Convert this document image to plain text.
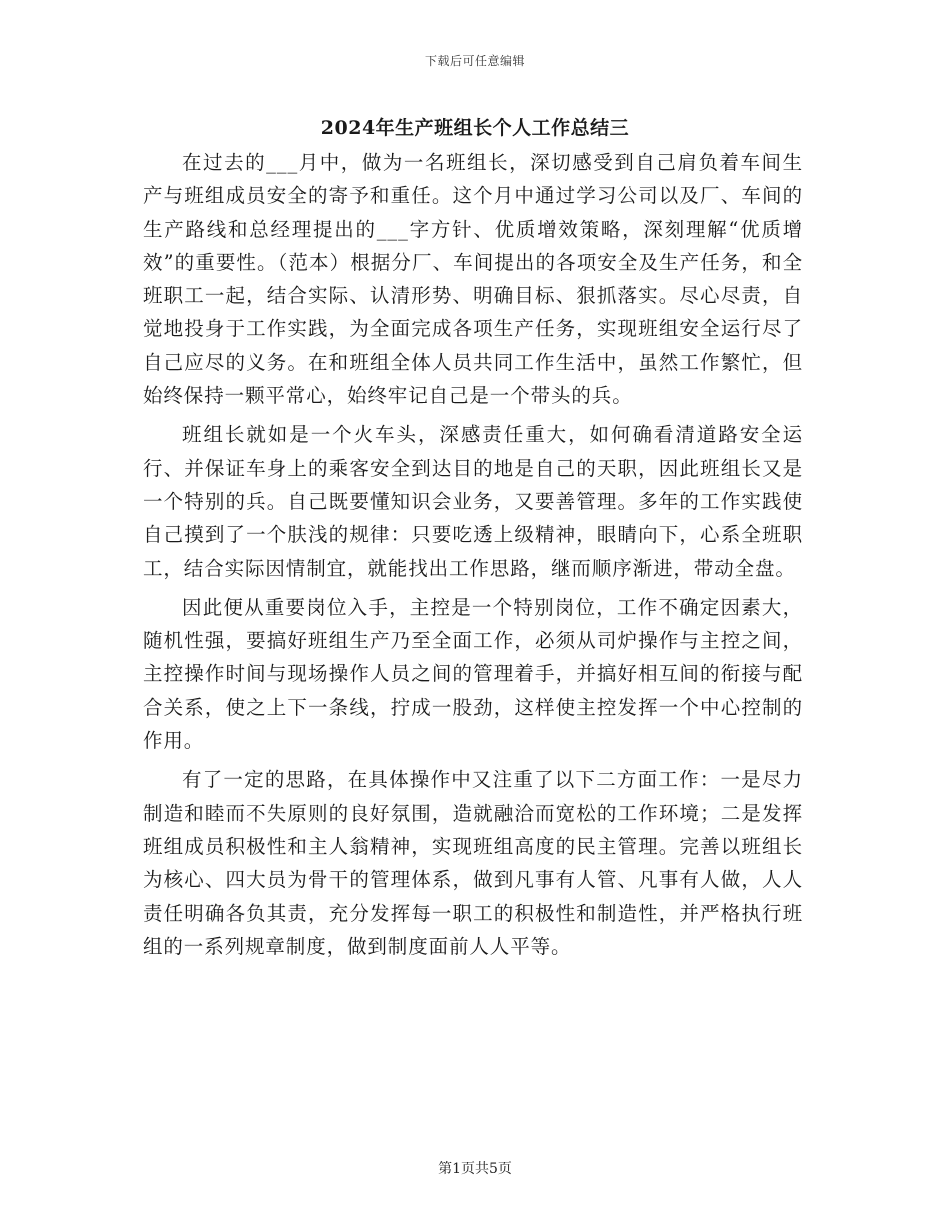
下载后可任意编辑
2024年生产班组长个人工作总结三

在过去的___月中，做为一名班组长，深切感受到自己肩负着车间生产与班组成员安全的寄予和重任。这个月中通过学习公司以及厂、车间的生产路线和总经理提出的___字方针、优质增效策略，深刻理解“优质增效”的重要性。（范本）根据分厂、车间提出的各项安全及生产任务，和全班职工一起，结合实际、认清形势、明确目标、狠抓落实。尽心尽责，自觉地投身于工作实践，为全面完成各项生产任务，实现班组安全运行尽了自己应尽的义务。在和班组全体人员共同工作生活中，虽然工作繁忙，但始终保持一颗平常心，始终牢记自己是一个带头的兵。

班组长就如是一个火车头，深感责任重大，如何确看清道路安全运行、并保证车身上的乘客安全到达目的地是自己的天职，因此班组长又是一个特别的兵。自己既要懂知识会业务，又要善管理。多年的工作实践使自己摸到了一个肤浅的规律：只要吃透上级精神，眼睛向下，心系全班职工，结合实际因情制宜，就能找出工作思路，继而顺序渐进，带动全盘。

因此便从重要岗位入手，主控是一个特别岗位，工作不确定因素大，随机性强，要搞好班组生产乃至全面工作，必须从司炉操作与主控之间，主控操作时间与现场操作人员之间的管理着手，并搞好相互间的衔接与配合关系，使之上下一条线，拧成一股劲，这样使主控发挥一个中心控制的作用。

有了一定的思路，在具体操作中又注重了以下二方面工作：一是尽力制造和睦而不失原则的良好氛围，造就融洽而宽松的工作环境；二是发挥班组成员积极性和主人翁精神，实现班组高度的民主管理。完善以班组长为核心、四大员为骨干的管理体系，做到凡事有人管、凡事有人做，人人责任明确各负其责，充分发挥每一职工的积极性和制造性，并严格执行班组的一系列规章制度，做到制度面前人人平等。

第1页共5页
